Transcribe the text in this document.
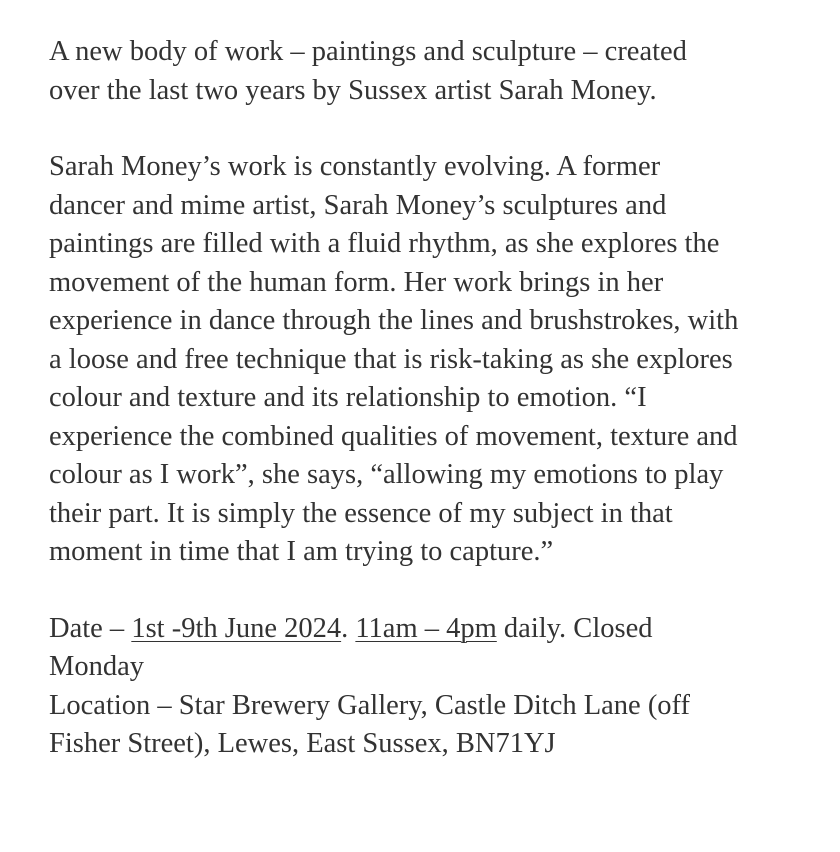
A new body of work – paintings and sculpture – created
over the last two years by Sussex artist Sarah Money.

Sarah Money’s work is constantly evolving. A former
dancer and mime artist, Sarah Money’s sculptures and
paintings are filled with a fluid rhythm, as she explores the
movement of the human form. Her work brings in her
experience in dance through the lines and brushstrokes, with
a loose and free technique that is risk-taking as she explores
colour and texture and its relationship to emotion. “I
experience the combined qualities of movement, texture and
colour as I work”, she says, “allowing my emotions to play
their part. It is simply the essence of my subject in that
moment in time that I am trying to capture.”

Date – 1st -9th June 2024. 11am – 4pm daily. Closed
Monday

Location – Star Brewery Gallery, Castle Ditch Lane (off
Fisher Street), Lewes, East Sussex, BN71YJ
